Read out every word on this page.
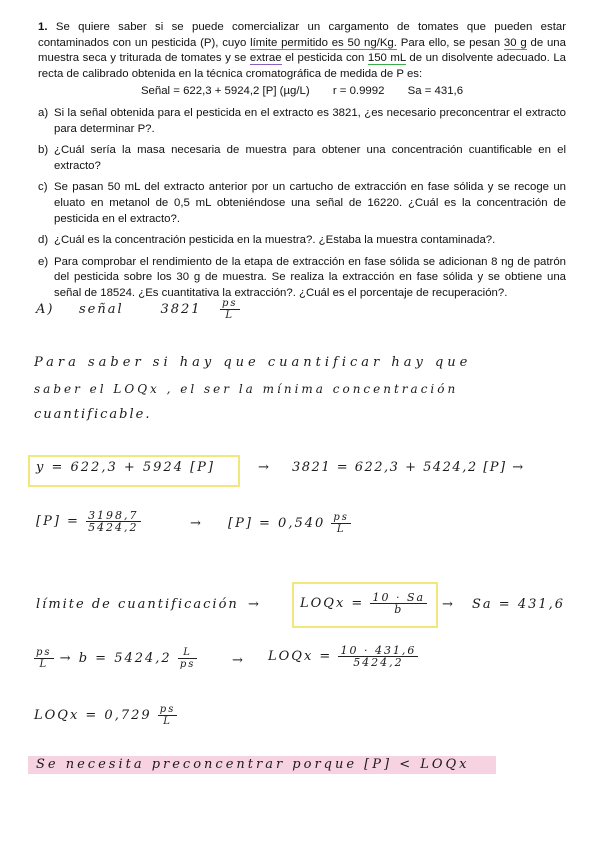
1. Se quiere saber si se puede comercializar un cargamento de tomates que pueden estar contaminados con un pesticida (P), cuyo límite permitido es 50 ng/Kg. Para ello, se pesan 30 g de una muestra seca y triturada de tomates y se extrae el pesticida con 150 mL de un disolvente adecuado. La recta de calibrado obtenida en la técnica cromatográfica de medida de P es:

Señal = 622,3 + 5924,2 [P] (µg/L) r = 0.9992 Sa = 431,6

a) Si la señal obtenida para el pesticida en el extracto es 3821, ¿es necesario preconcentrar el extracto para determinar P?.

b) ¿Cuál sería la masa necesaria de muestra para obtener una concentración cuantificable en el extracto?

c) Se pasan 50 mL del extracto anterior por un cartucho de extracción en fase sólida y se recoge un eluato en metanol de 0,5 mL obteniéndose una señal de 16220. ¿Cuál es la concentración de pesticida en el extracto?.

d) ¿Cuál es la concentración pesticida en la muestra?. ¿Estaba la muestra contaminada?.

e) Para comprobar el rendimiento de la etapa de extracción en fase sólida se adicionan 8 ng de patrón del pesticida sobre los 30 g de muestra. Se realiza la extracción en fase sólida y se obtiene una señal de 18524. ¿Es cuantitativa la extracción?. ¿Cuál es el porcentaje de recuperación?.

A) señal	$3821 \frac{ps}{L}$
Para saber si hay que cuantificar hay que
saber el LOQx , el ser la mínima concentración
cuantificable.
y = 622,3 + 5924 [P]	→ 3821 = 622,3 + 5424,2 [P] →
$[P] = \frac{3198,7}{5424,2}$	→ $[P] = 0,540 \frac{ps}{L}$
límite de cuantificación →	LOQx = $\frac{10 \cdot Sa}{b} \to Sa = 431,6$
$\frac{ps}{L} \to b = 5424,2 \frac{L}{ps}$	→ LOQx = $\frac{10 \cdot 431,6}{5424,2}$
LOQx = $0,729 \frac{ps}{L}$
Se necesita preconcentrar porque [P] < LOQx
